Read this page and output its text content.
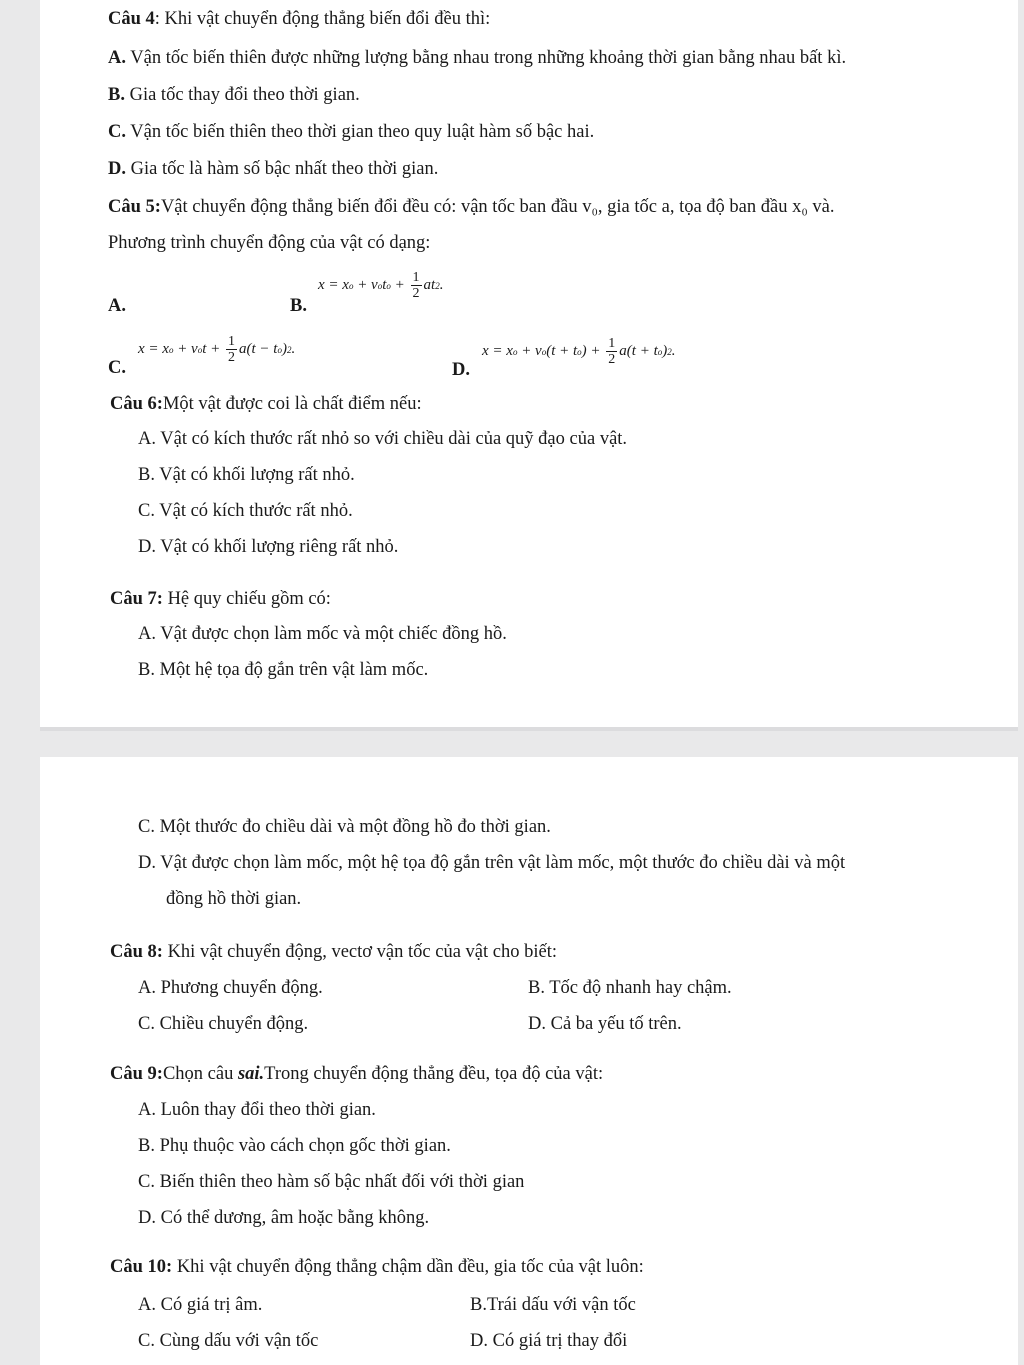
Câu 4: Khi vật chuyển động thẳng biến đổi đều thì:
A. Vận tốc biến thiên được những lượng bằng nhau trong những khoảng thời gian bằng nhau bất kì.
B. Gia tốc thay đổi theo thời gian.
C. Vận tốc biến thiên theo thời gian theo quy luật hàm số bậc hai.
D. Gia tốc là hàm số bậc nhất theo thời gian.
Câu 5:Vật chuyển động thẳng biến đổi đều có: vận tốc ban đầu v₀, gia tốc a, tọa độ ban đầu x₀ và.
Phương trình chuyển động của vật có dạng:
A.	B.
x = x o + v o t $o + \frac{1}{2}$ at 2 .
C.
x = x o + v o $t + \frac{1}{2} a(t - t$ o ) 2 .
D.
x = x o + v o (t + t o ) + $\frac{1}{2} a(t + t$ o ) 2 .
Câu 6:Một vật được coi là chất điểm nếu:
A. Vật có kích thước rất nhỏ so với chiều dài của quỹ đạo của vật.
B. Vật có khối lượng rất nhỏ.
C. Vật có kích thước rất nhỏ.
D. Vật có khối lượng riêng rất nhỏ.
Câu 7: Hệ quy chiếu gồm có:
A. Vật được chọn làm mốc và một chiếc đồng hồ.
B. Một hệ tọa độ gắn trên vật làm mốc.
C. Một thước đo chiều dài và một đồng hồ đo thời gian.
D. Vật được chọn làm mốc, một hệ tọa độ gắn trên vật làm mốc, một thước đo chiều dài và một
đồng hồ thời gian.
Câu 8: Khi vật chuyển động, vectơ vận tốc của vật cho biết:
A. Phương chuyển động.	B. Tốc độ nhanh hay chậm.
C. Chiều chuyển động.	D. Cả ba yếu tố trên.
Câu 9:Chọn câu sai.Trong chuyển động thẳng đều, tọa độ của vật:
A. Luôn thay đổi theo thời gian.
B. Phụ thuộc vào cách chọn gốc thời gian.
C. Biến thiên theo hàm số bậc nhất đối với thời gian
D. Có thể dương, âm hoặc bằng không.
Câu 10: Khi vật chuyển động thẳng chậm dần đều, gia tốc của vật luôn:
A. Có giá trị âm.	B.Trái dấu với vận tốc
C. Cùng dấu với vận tốc	D. Có giá trị thay đổi
